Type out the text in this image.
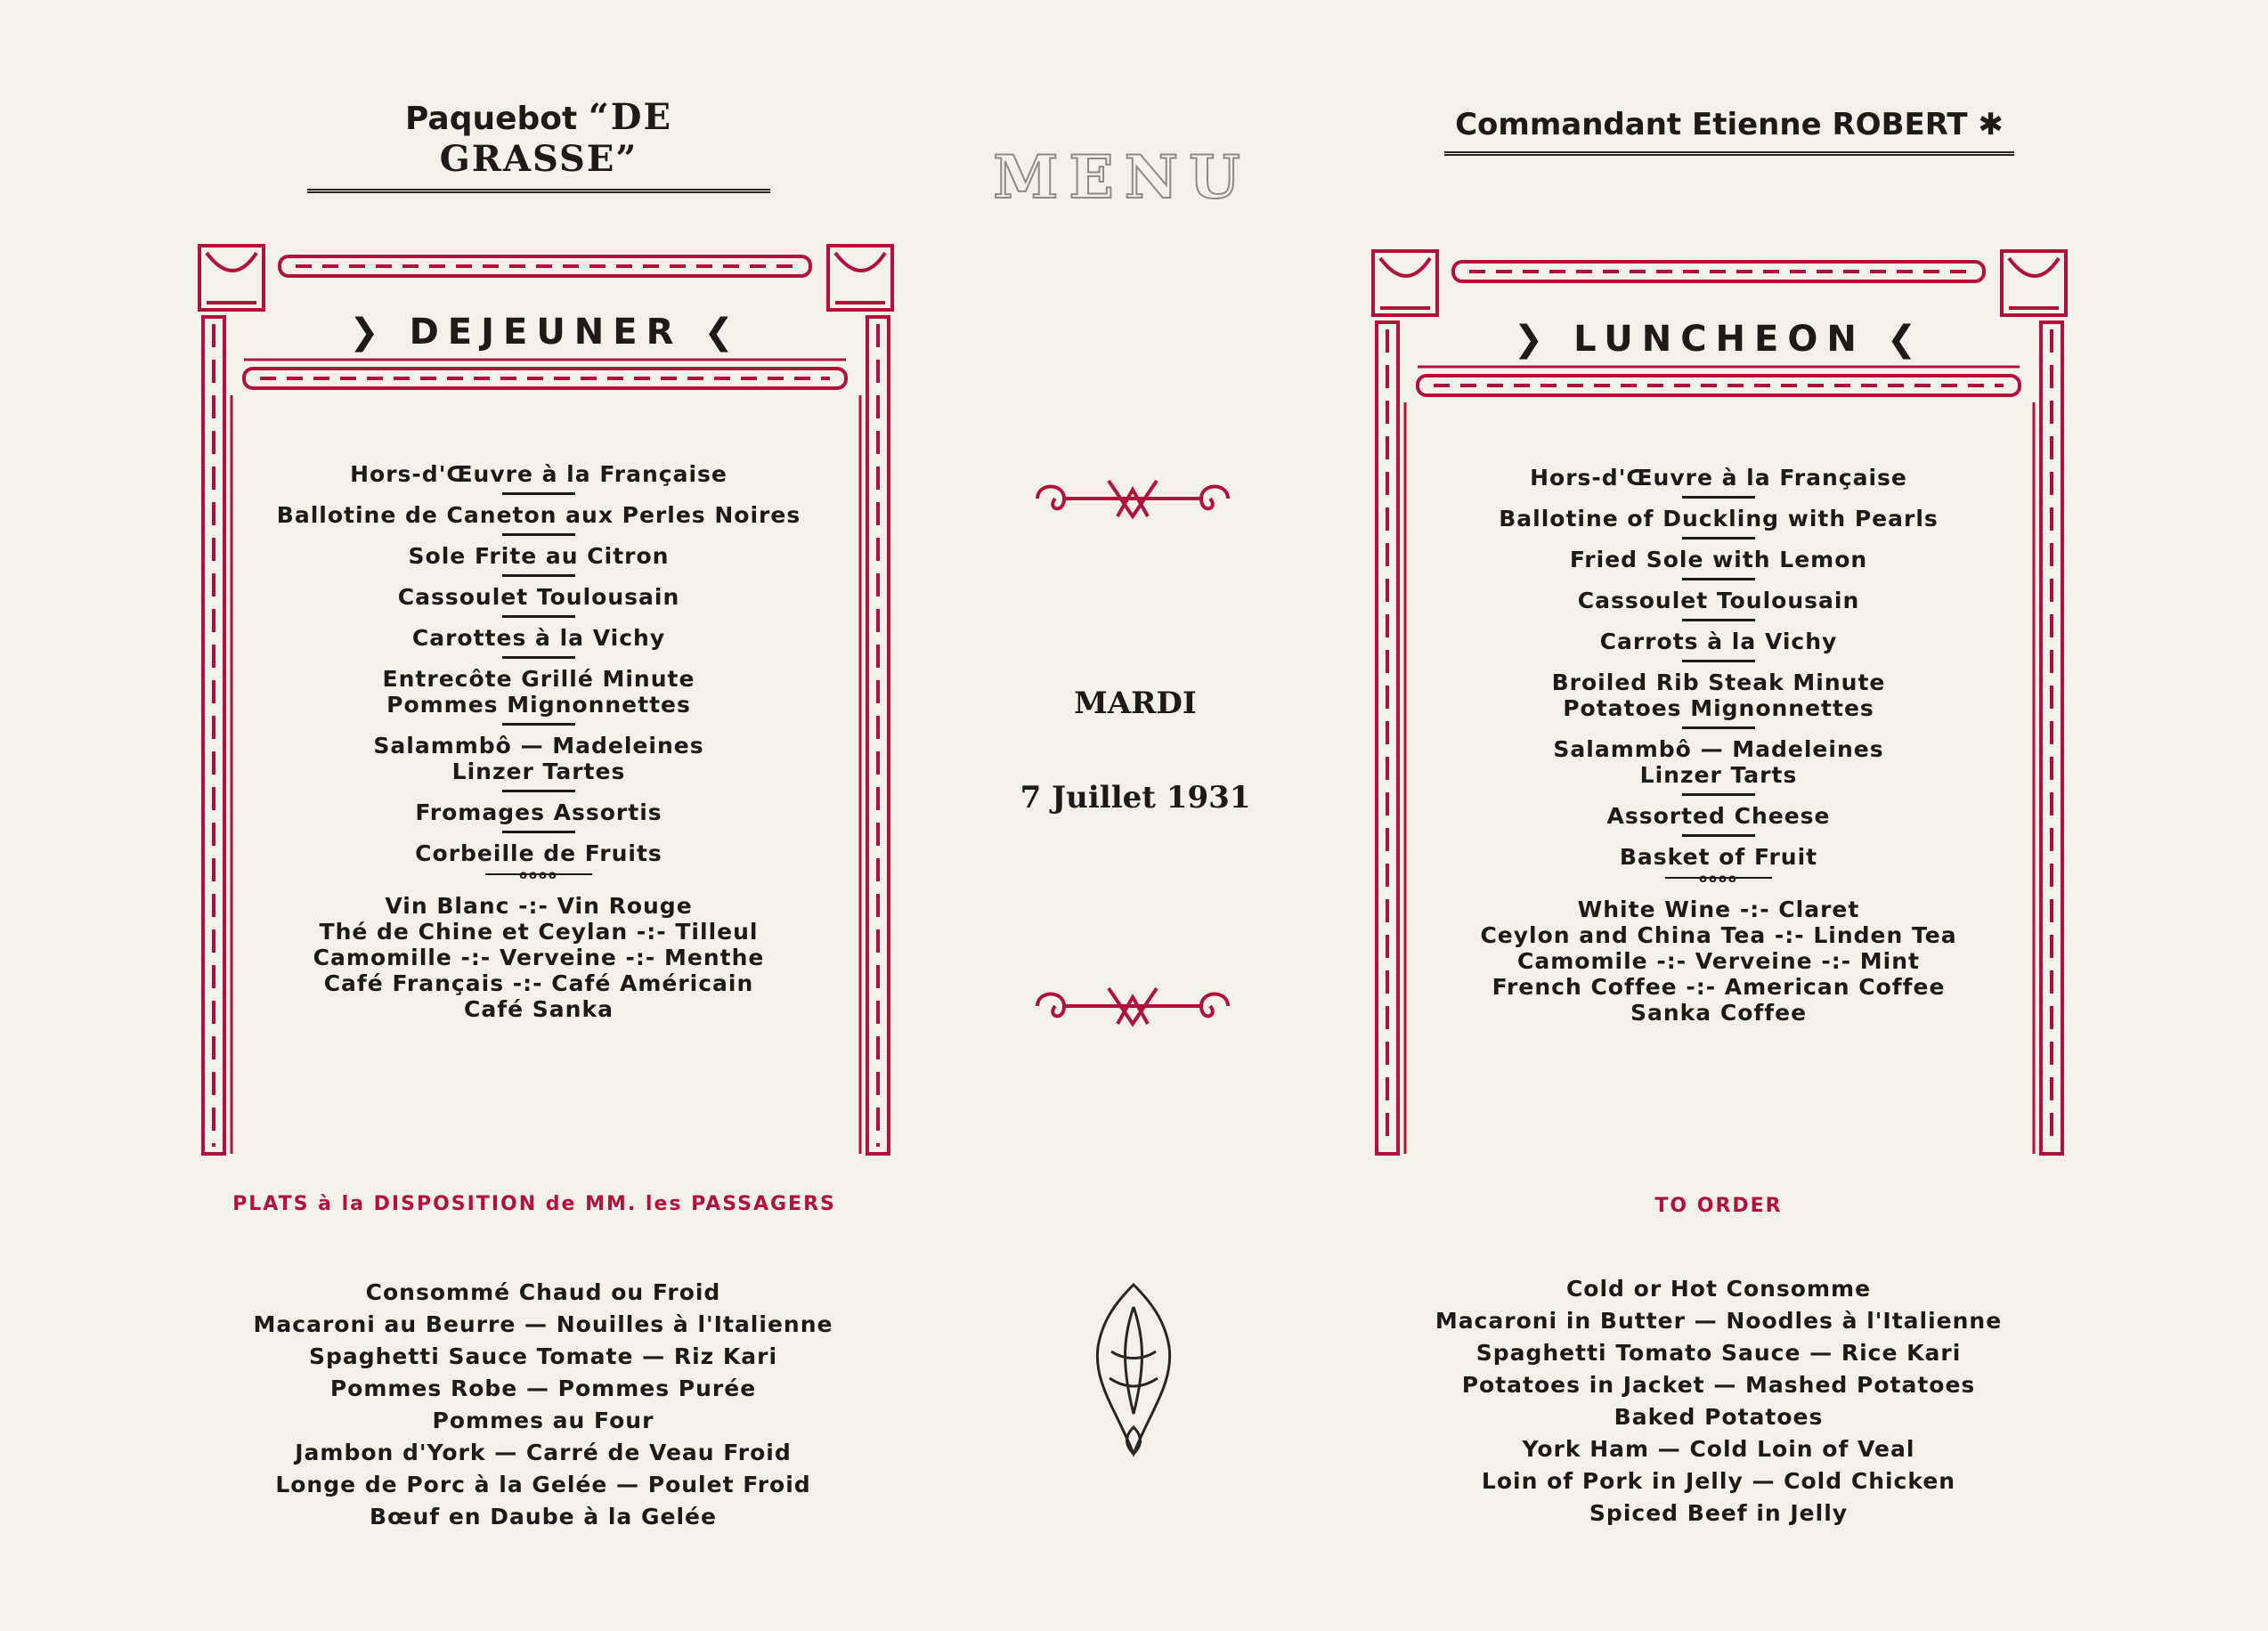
Paquebot “DE GRASSE”	MENU
Commandant Etienne ROBERT ✱
❯ DEJEUNER ❮
Hors-d'Œuvre à la Française
Ballotine de Caneton aux Perles Noires
Sole Frite au Citron
Cassoulet Toulousain
Carottes à la Vichy
Entrecôte Grillé Minute
Pommes Mignonnettes
Salammbô — Madeleines
Linzer Tartes
Fromages Assortis
Corbeille de Fruits
oooo
Vin Blanc -:- Vin Rouge
Thé de Chine et Ceylan -:- Tilleul
Camomille -:- Verveine -:- Menthe
Café Français -:- Café Américain
Café Sanka
❯ LUNCHEON ❮
Hors-d'Œuvre à la Française
Ballotine of Duckling with Pearls
Fried Sole with Lemon
Cassoulet Toulousain
Carrots à la Vichy
Broiled Rib Steak Minute
Potatoes Mignonnettes
Salammbô — Madeleines
Linzer Tarts
Assorted Cheese
Basket of Fruit
oooo
White Wine -:- Claret
Ceylon and China Tea -:- Linden Tea
Camomile -:- Verveine -:- Mint
French Coffee -:- American Coffee
Sanka Coffee
MARDI
7 Juillet 1931
PLATS à la DISPOSITION de MM. les PASSAGERS
Consommé Chaud ou Froid
Macaroni au Beurre — Nouilles à l'Italienne
Spaghetti Sauce Tomate — Riz Kari
Pommes Robe — Pommes Purée
Pommes au Four
Jambon d'York — Carré de Veau Froid
Longe de Porc à la Gelée — Poulet Froid
Bœuf en Daube à la Gelée
TO ORDER
Cold or Hot Consomme
Macaroni in Butter — Noodles à l'Italienne
Spaghetti Tomato Sauce — Rice Kari
Potatoes in Jacket — Mashed Potatoes
Baked Potatoes
York Ham — Cold Loin of Veal
Loin of Pork in Jelly — Cold Chicken
Spiced Beef in Jelly
